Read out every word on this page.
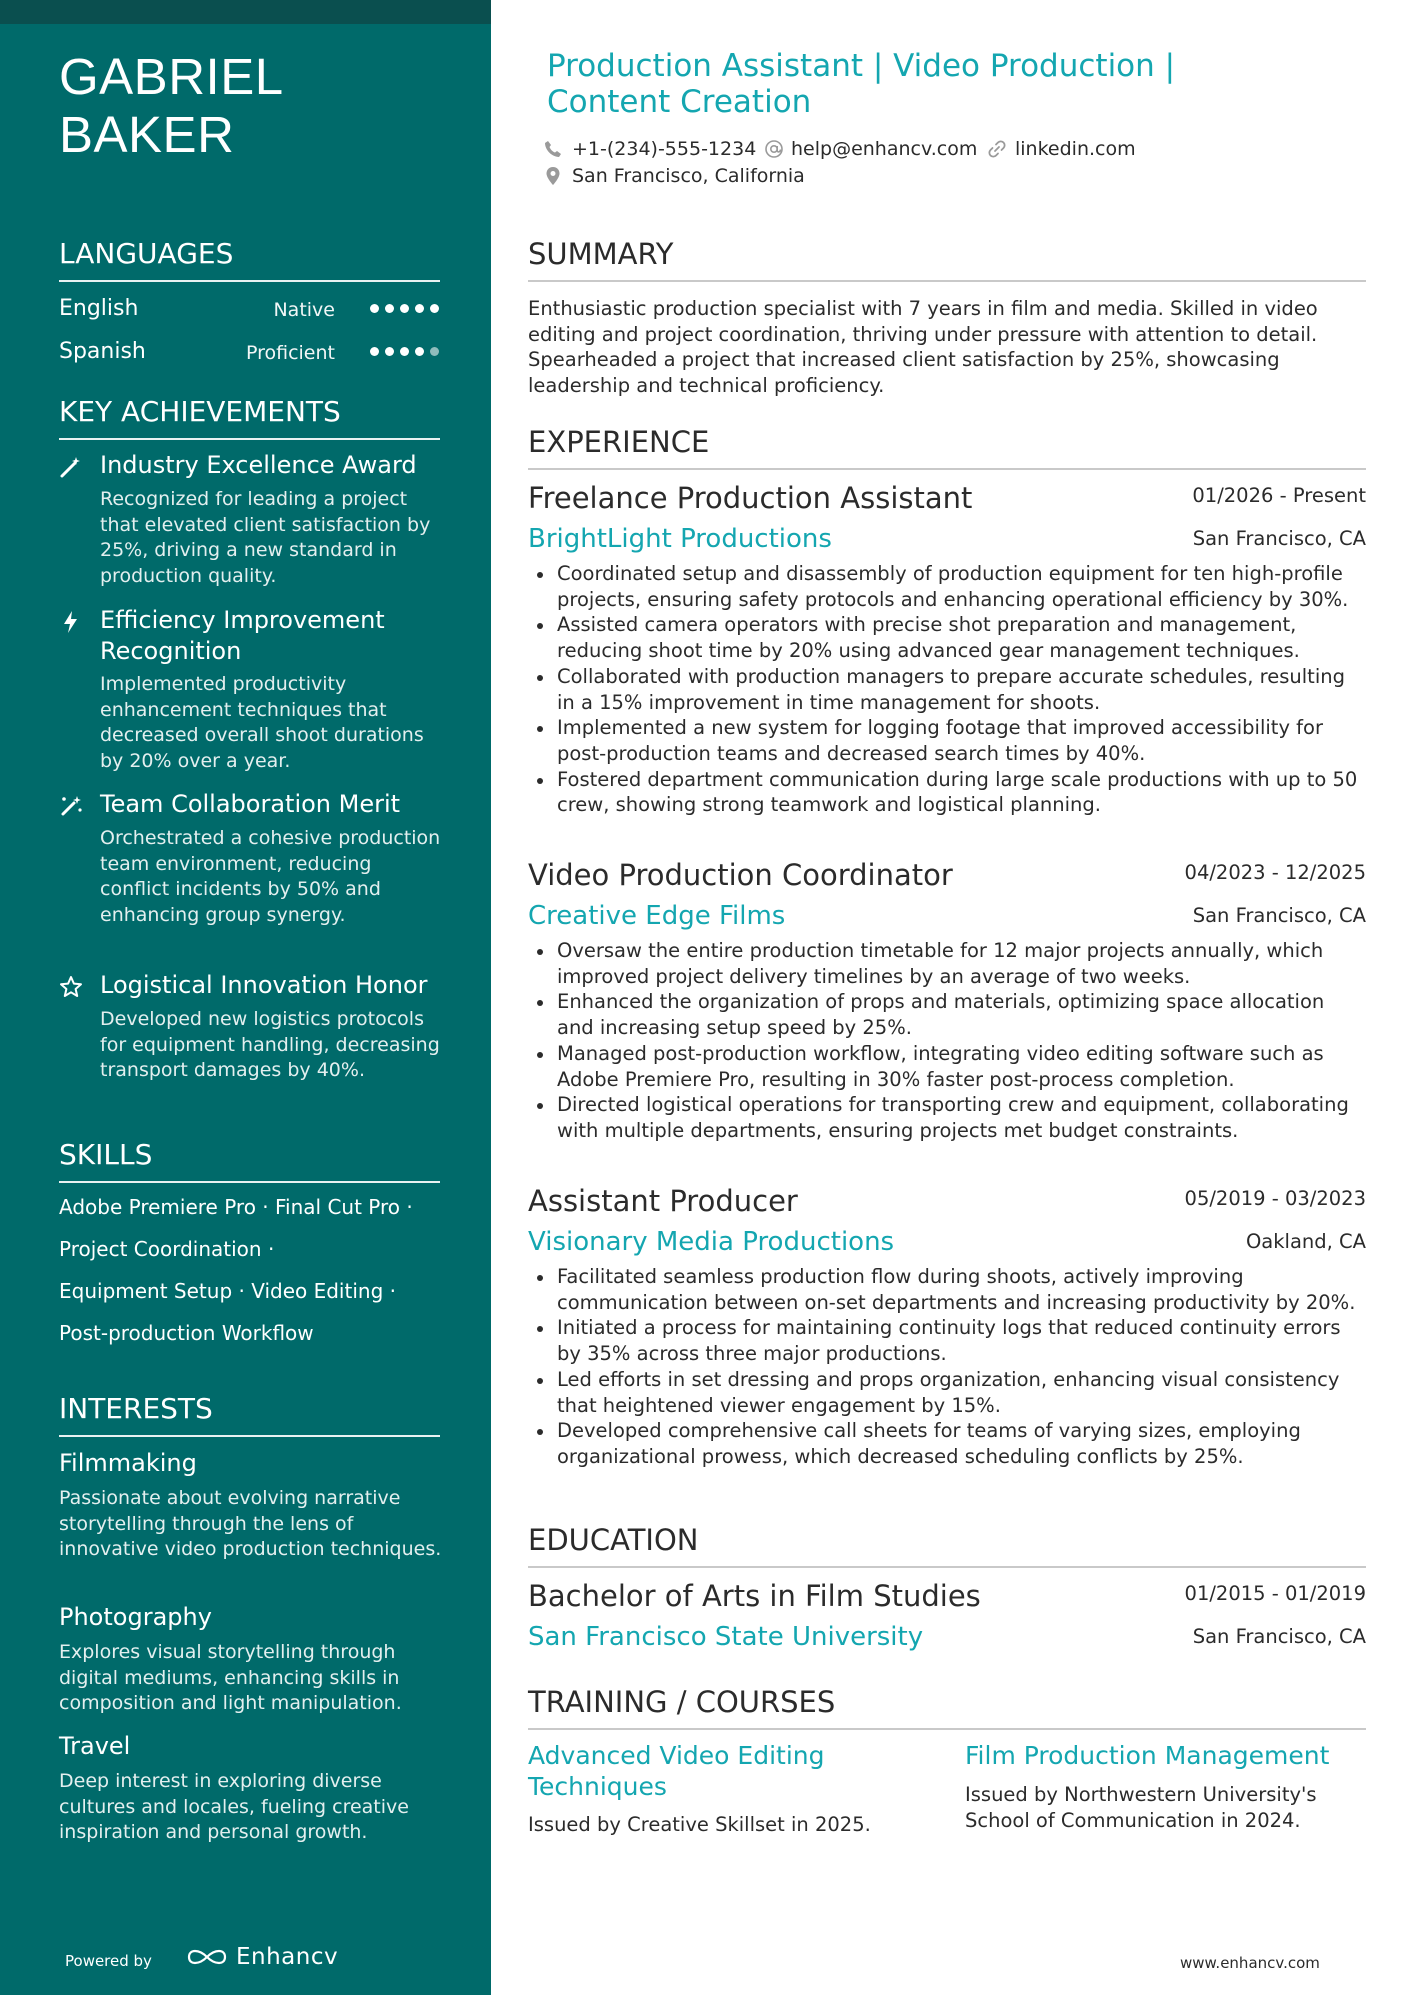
GABRIEL BAKER
LANGUAGES
English	Native
Spanish	Proficient
KEY ACHIEVEMENTS
Industry Excellence Award
Recognized for leading a project that elevated client satisfaction by 25%, driving a new standard in production quality.
Efficiency Improvement Recognition
Implemented productivity enhancement techniques that decreased overall shoot durations by 20% over a year.
Team Collaboration Merit
Orchestrated a cohesive production team environment, reducing conflict incidents by 50% and enhancing group synergy.
Logistical Innovation Honor
Developed new logistics protocols for equipment handling, decreasing transport damages by 40%.
SKILLS
Adobe Premiere Pro · Final Cut Pro ·
Project Coordination ·
Equipment Setup · Video Editing ·
Post-production Workflow
INTERESTS
Filmmaking
Passionate about evolving narrative storytelling through the lens of innovative video production techniques.
Photography
Explores visual storytelling through digital mediums, enhancing skills in composition and light manipulation.
Travel
Deep interest in exploring diverse cultures and locales, fueling creative inspiration and personal growth.
Powered by	Enhancv
Production Assistant | Video Production | Content Creation
+1-(234)-555-1234 help@enhancv.com linkedin.com
San Francisco, California
SUMMARY

Enthusiastic production specialist with 7 years in film and media. Skilled in video editing and project coordination, thriving under pressure with attention to detail. Spearheaded a project that increased client satisfaction by 25%, showcasing leadership and technical proficiency.

EXPERIENCE
Freelance Production Assistant	01/2026 - Present
BrightLight Productions	San Francisco, CA
Coordinated setup and disassembly of production equipment for ten high-profile projects, ensuring safety protocols and enhancing operational efficiency by 30%.
Assisted camera operators with precise shot preparation and management, reducing shoot time by 20% using advanced gear management techniques.
Collaborated with production managers to prepare accurate schedules, resulting in a 15% improvement in time management for shoots.
Implemented a new system for logging footage that improved accessibility for post-production teams and decreased search times by 40%.
Fostered department communication during large scale productions with up to 50 crew, showing strong teamwork and logistical planning.
Video Production Coordinator	04/2023 - 12/2025
Creative Edge Films	San Francisco, CA
Oversaw the entire production timetable for 12 major projects annually, which improved project delivery timelines by an average of two weeks.
Enhanced the organization of props and materials, optimizing space allocation and increasing setup speed by 25%.
Managed post-production workflow, integrating video editing software such as Adobe Premiere Pro, resulting in 30% faster post-process completion.
Directed logistical operations for transporting crew and equipment, collaborating with multiple departments, ensuring projects met budget constraints.
Assistant Producer	05/2019 - 03/2023
Visionary Media Productions	Oakland, CA
Facilitated seamless production flow during shoots, actively improving communication between on-set departments and increasing productivity by 20%.
Initiated a process for maintaining continuity logs that reduced continuity errors by 35% across three major productions.
Led efforts in set dressing and props organization, enhancing visual consistency that heightened viewer engagement by 15%.
Developed comprehensive call sheets for teams of varying sizes, employing organizational prowess, which decreased scheduling conflicts by 25%.
EDUCATION
Bachelor of Arts in Film Studies	01/2015 - 01/2019
San Francisco State University	San Francisco, CA
TRAINING / COURSES
Advanced Video Editing Techniques
Issued by Creative Skillset in 2025.
Film Production Management
Issued by Northwestern University's School of Communication in 2024.
www.enhancv.com
